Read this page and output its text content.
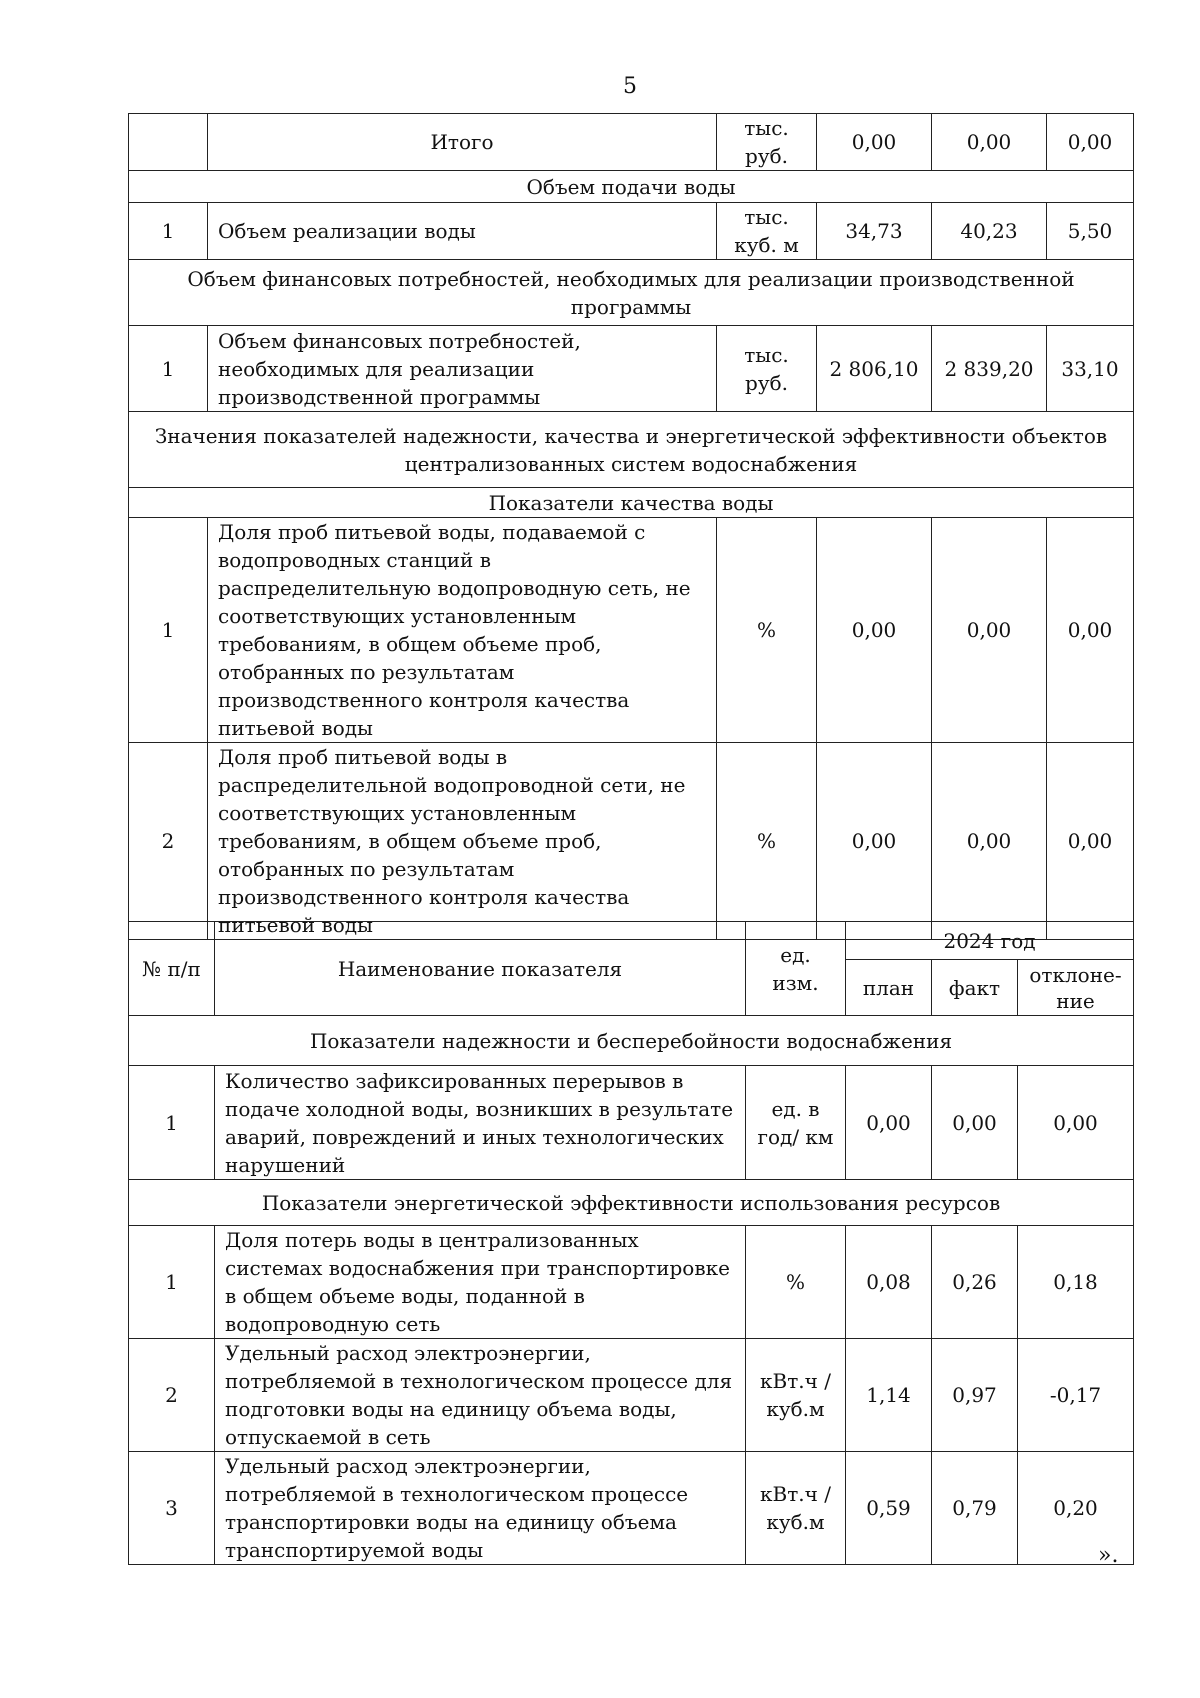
5
	Итого	тыс. руб.	0,00	0,00	0,00
Объем подачи воды					
1	Объем реализации воды	тыс. куб. м	34,73	40,23	5,50
Объем финансовых потребностей, необходимых для реализации производственной программы					
1	Объем финансовых потребностей, необходимых для реализации производственной программы	тыс. руб.	2 806,10	2 839,20	33,10
Значения показателей надежности, качества и энергетической эффективности объектов централизованных систем водоснабжения					
Показатели качества воды					
1	Доля проб питьевой воды, подаваемой с водопроводных станций в распределительную водопроводную сеть, не соответствующих установленным требованиям, в общем объеме проб, отобранных по результатам производственного контроля качества питьевой воды	%	0,00	0,00	0,00
2	Доля проб питьевой воды в распределительной водопроводной сети, не соответствующих установленным требованиям, в общем объеме проб, отобранных по результатам производственного контроля качества питьевой воды	%	0,00	0,00	0,00
№ п/п	Наименование показателя	ед. изм.	2024 год		
			план	факт	отклоне-ние
Показатели надежности и бесперебойности водоснабжения					
1	Количество зафиксированных перерывов в подаче холодной воды, возникших в результате аварий, повреждений и иных технологических нарушений	ед. в год/ км	0,00	0,00	0,00
Показатели энергетической эффективности использования ресурсов					
1	Доля потерь воды в централизованных системах водоснабжения при транспортировке в общем объеме воды, поданной в водопроводную сеть	%	0,08	0,26	0,18
2	Удельный расход электроэнергии, потребляемой в технологическом процессе для подготовки воды на единицу объема воды, отпускаемой в сеть	кВт.ч / куб.м	1,14	0,97	-0,17
3	Удельный расход электроэнергии, потребляемой в технологическом процессе транспортировки воды на единицу объема транспортируемой воды	кВт.ч / куб.м	0,59	0,79	0,20
».
